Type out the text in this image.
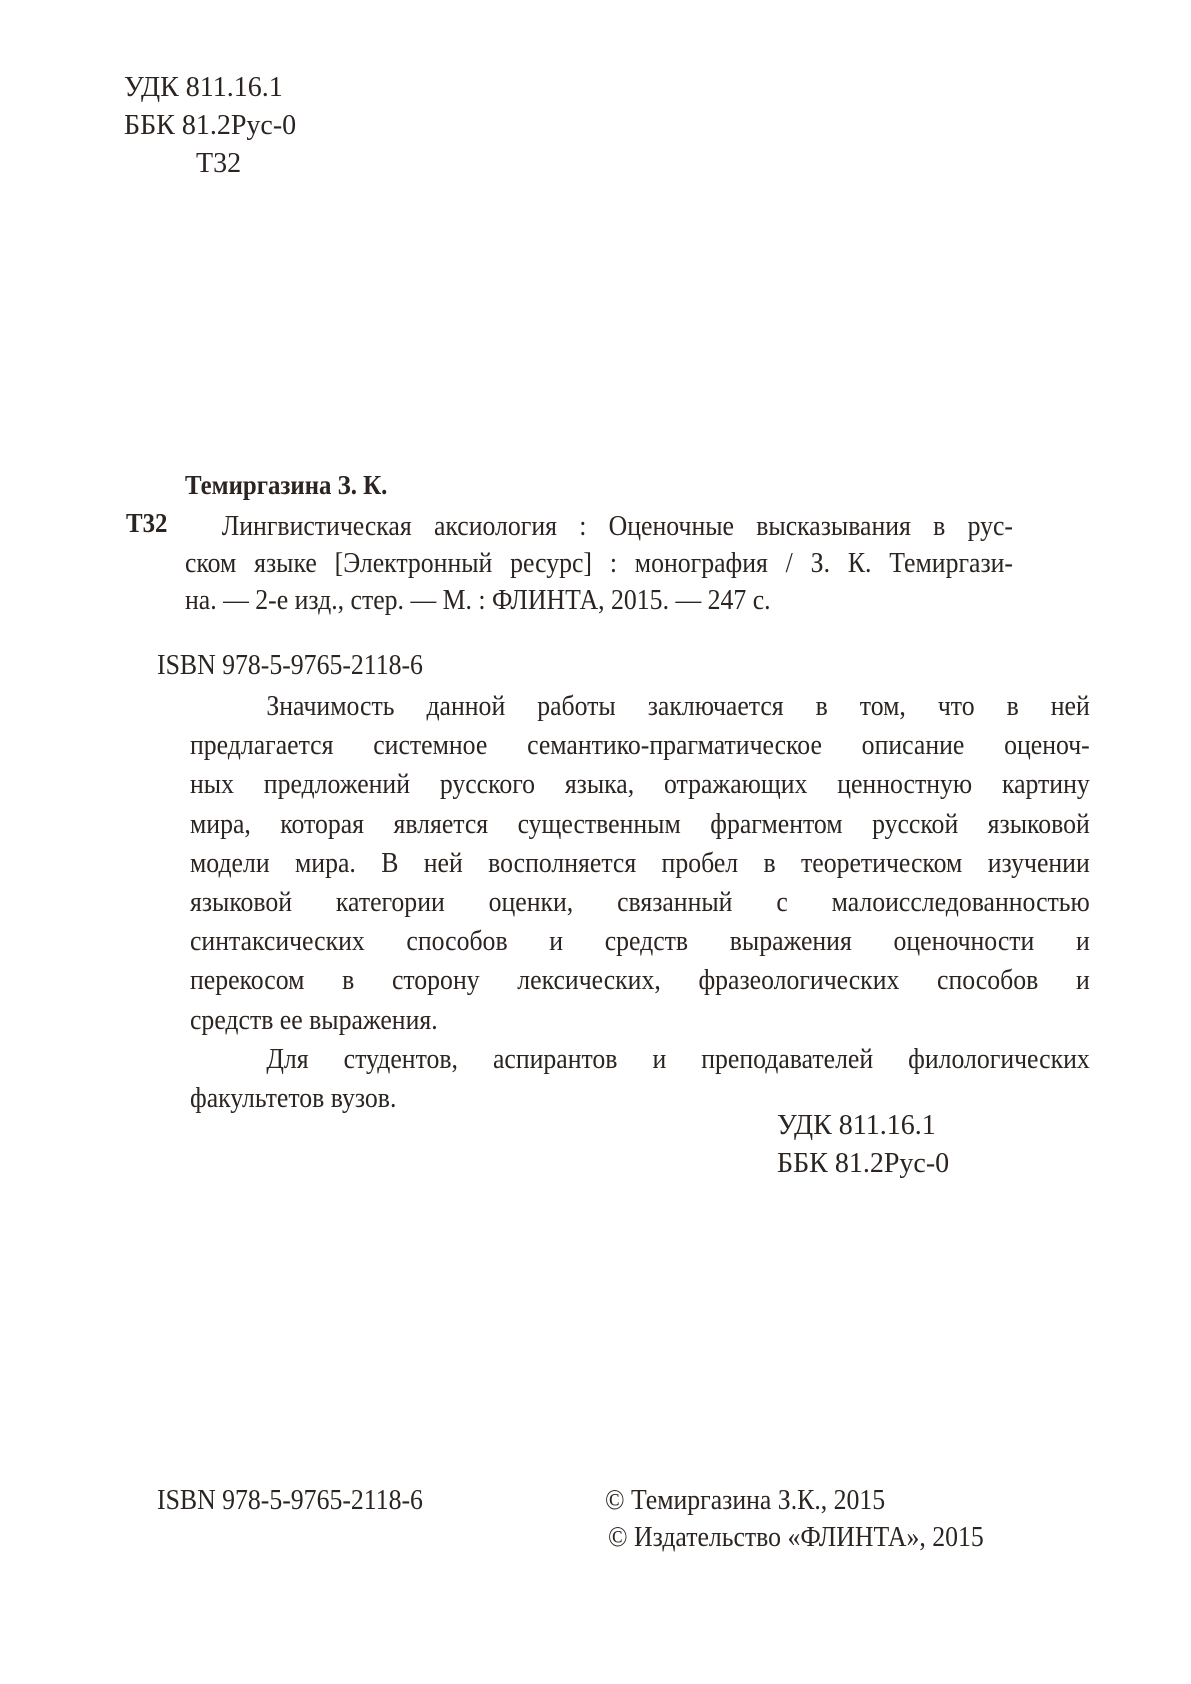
УДК 811.16.1
ББК 81.2Рус-0
Т32
Темиргазина З. К.
Т32	Лингвистическая аксиология : Оценочные высказывания в рус-
ском языке [Электронный ресурс] : монография / З. К. Темиргази-
на. — 2-е изд., стер. — М. : ФЛИНТА, 2015. — 247 с.
ISBN 978-5-9765-2118-6
Значимость данной работы заключается в том, что в ней
предлагается системное семантико-прагматическое описание оценоч-
ных предложений русского языка, отражающих ценностную картину
мира, которая является существенным фрагментом русской языковой
модели мира. В ней восполняется пробел в теоретическом изучении
языковой категории оценки, связанный с малоисследованностью
синтаксических способов и средств выражения оценочности и
перекосом в сторону лексических, фразеологических способов и
средств ее выражения.
Для студентов, аспирантов и преподавателей филологических
факультетов вузов.
УДК 811.16.1
ББК 81.2Рус-0
ISBN 978-5-9765-2118-6	© Темиргазина З.К., 2015
© Издательство «ФЛИНТА», 2015
